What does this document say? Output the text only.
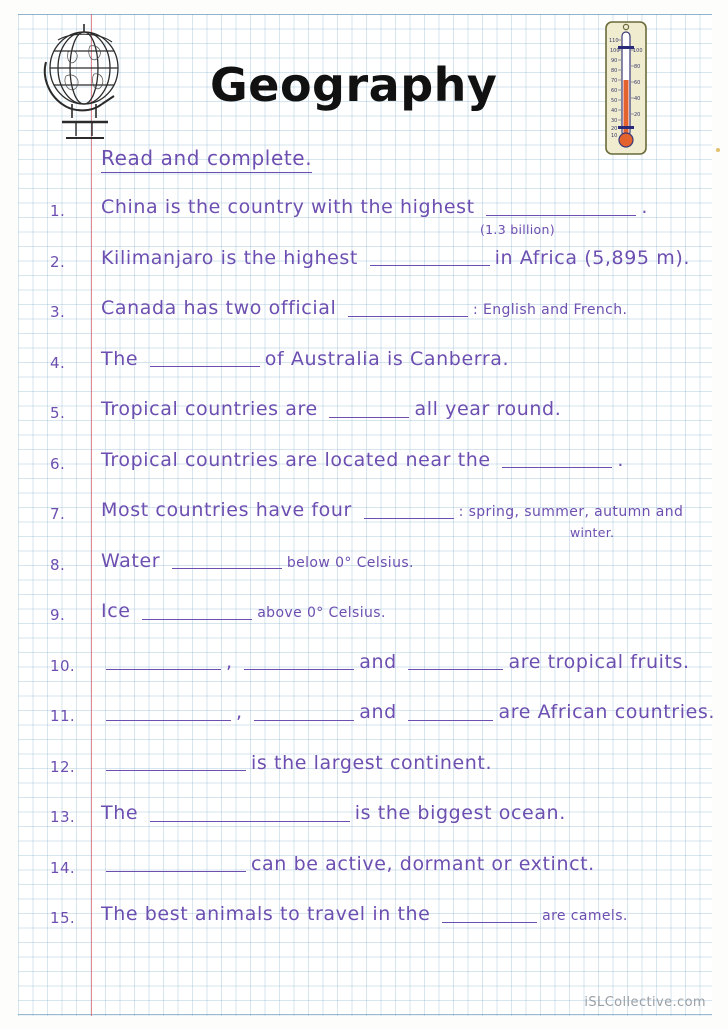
110
100
90
80
70
60
50
40
30
20
10
100
80
60
40
20
Geography
Read and complete.
1.	China is the country with the highest	.
(1.3 billion)
2.	Kilimanjaro is the highest	in Africa (5,895 m).
3.	Canada has two official	: English and French.
4.	The	of Australia is Canberra.
5.	Tropical countries are	all year round.
6.	Tropical countries are located near the	.
7.	Most countries have four	: spring, summer, autumn and
winter.
8.	Water	below 0° Celsius.
9.	Ice	above 0° Celsius.
10.	,	and	are tropical fruits.
11.	,	and	are African countries.
12.	is the largest continent.
13.	The	is the biggest ocean.
14.	can be active, dormant or extinct.
15.	The best animals to travel in the	are camels.
iSLCollective.com
